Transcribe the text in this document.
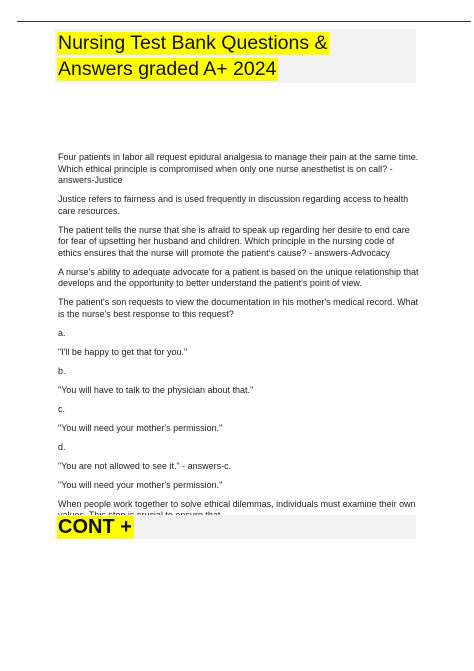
Nursing Test Bank Questions &
Answers graded A+ 2024

Four patients in labor all request epidural analgesia to manage their pain at the same time. Which ethical principle is compromised when only one nurse anesthetist is on call? - answers-Justice

Justice refers to fairness and is used frequently in discussion regarding access to health care resources.

The patient tells the nurse that she is afraid to speak up regarding her desire to end care for fear of upsetting her husband and children. Which principle in the nursing code of ethics ensures that the nurse will promote the patient's cause? - answers-Advocacy

A nurse's ability to adequate advocate for a patient is based on the unique relationship that develops and the opportunity to better understand the patient's point of view.

The patient's son requests to view the documentation in his mother's medical record. What is the nurse's best response to this request?

a.

"I'll be happy to get that for you."

b.

"You will have to talk to the physician about that."

c.

"You will need your mother's permission."

d.

"You are not allowed to see it." - answers-c.

"You will need your mother's permission."

When people work together to solve ethical dilemmas, individuals must examine their own

CONT +
